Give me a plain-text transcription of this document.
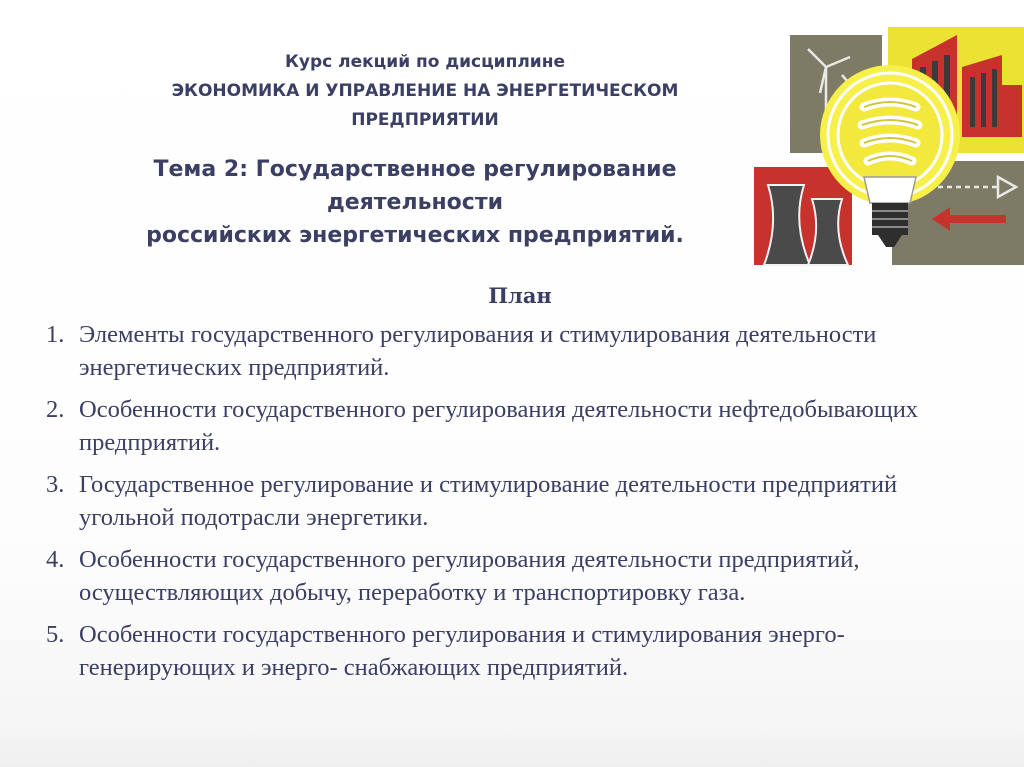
Курс лекций по дисциплине
ЭКОНОМИКА И УПРАВЛЕНИЕ НА ЭНЕРГЕТИЧЕСКОМ
ПРЕДПРИЯТИИ
Тема 2: Государственное регулирование
деятельности
российских энергетических предприятий.
План
1. Элементы государственного регулирования и стимулирования деятельности энергетических предприятий.
2. Особенности государственного регулирования деятельности нефтедобывающих предприятий.
3. Государственное регулирование и стимулирование деятельности предприятий угольной подотрасли энергетики.
4. Особенности государственного регулирования деятельности предприятий, осуществляющих добычу, переработку и транспортировку газа.
5. Особенности государственного регулирования и стимулирования энерго-генерирующих и энерго- снабжающих предприятий.
